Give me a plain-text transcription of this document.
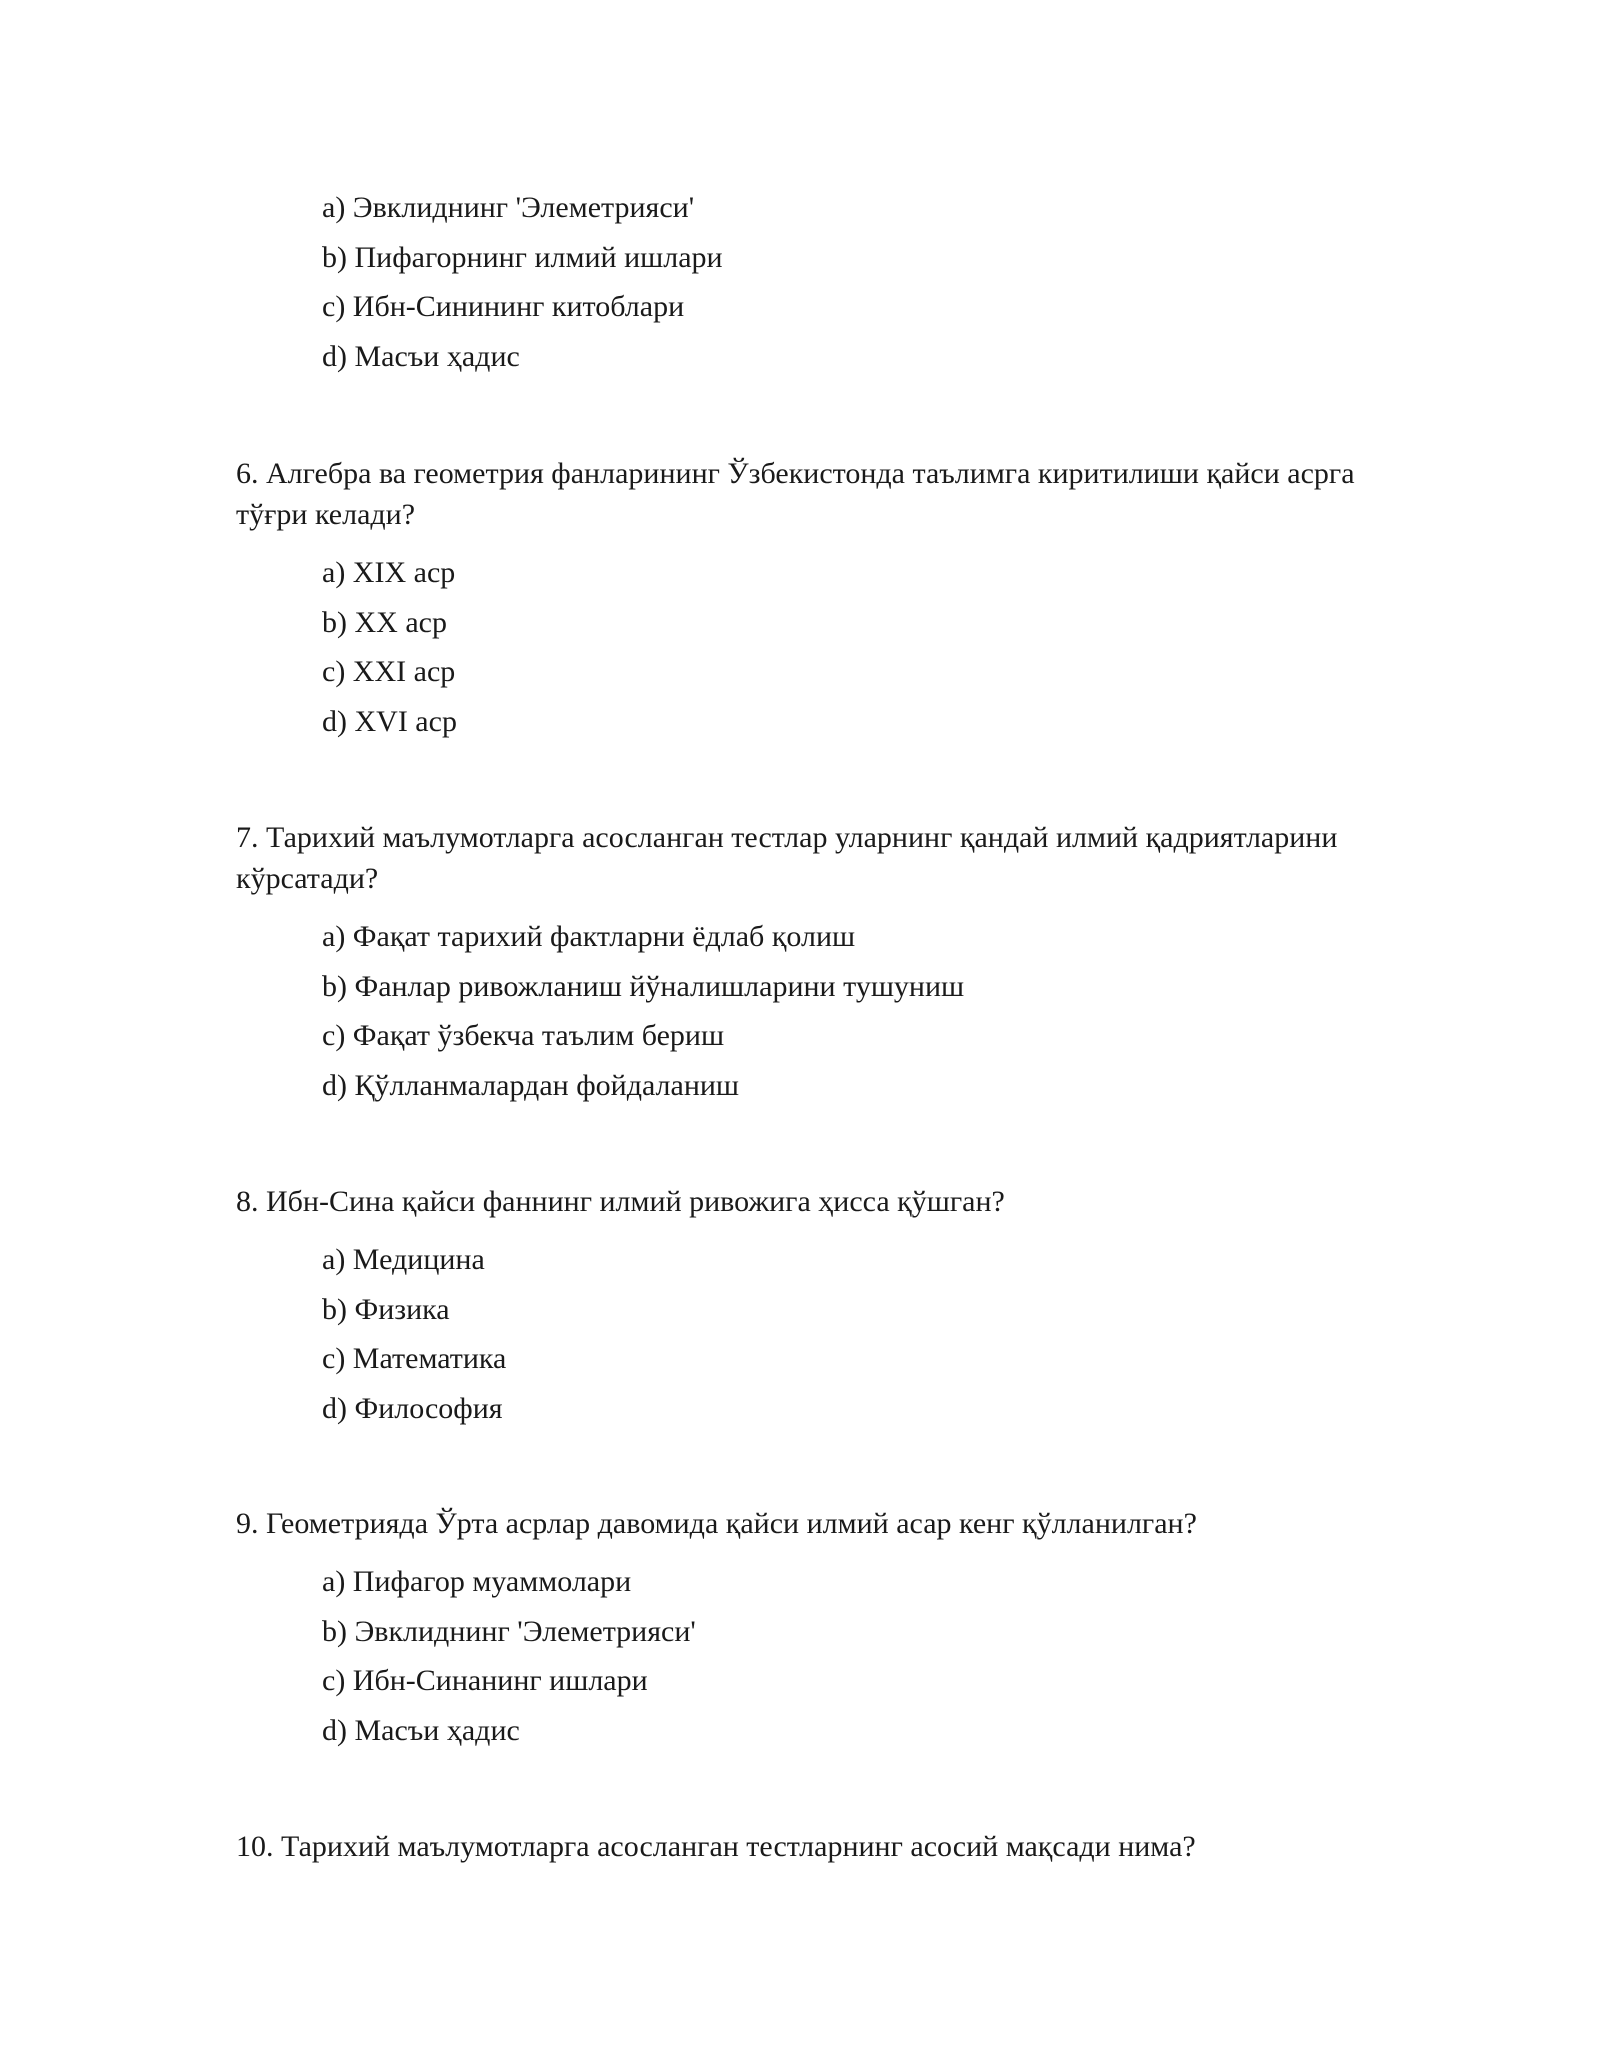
a) Эвклиднинг 'Элеметрияси'
b) Пифагорнинг илмий ишлари
c) Ибн-Синининг китоблари
d) Масъи ҳадис

6. Алгебра ва геометрия фанларининг Ўзбекистонда таълимга киритилиши қайси асрга тўғри келади?

a) XIX аср
b) XX аср
c) XXI аср
d) XVI аср

7. Тарихий маълумотларга асосланган тестлар уларнинг қандай илмий қадриятларини кўрсатади?

a) Фақат тарихий фактларни ёдлаб қолиш
b) Фанлар ривожланиш йўналишларини тушуниш
c) Фақат ўзбекча таълим бериш
d) Қўлланмалардан фойдаланиш

8. Ибн-Сина қайси фаннинг илмий ривожига ҳисса қўшган?

a) Медицина
b) Физика
c) Математика
d) Философия

9. Геометрияда Ўрта асрлар давомида қайси илмий асар кенг қўлланилган?

a) Пифагор муаммолари
b) Эвклиднинг 'Элеметрияси'
c) Ибн-Синанинг ишлари
d) Масъи ҳадис

10. Тарихий маълумотларга асосланган тестларнинг асосий мақсади нима?
